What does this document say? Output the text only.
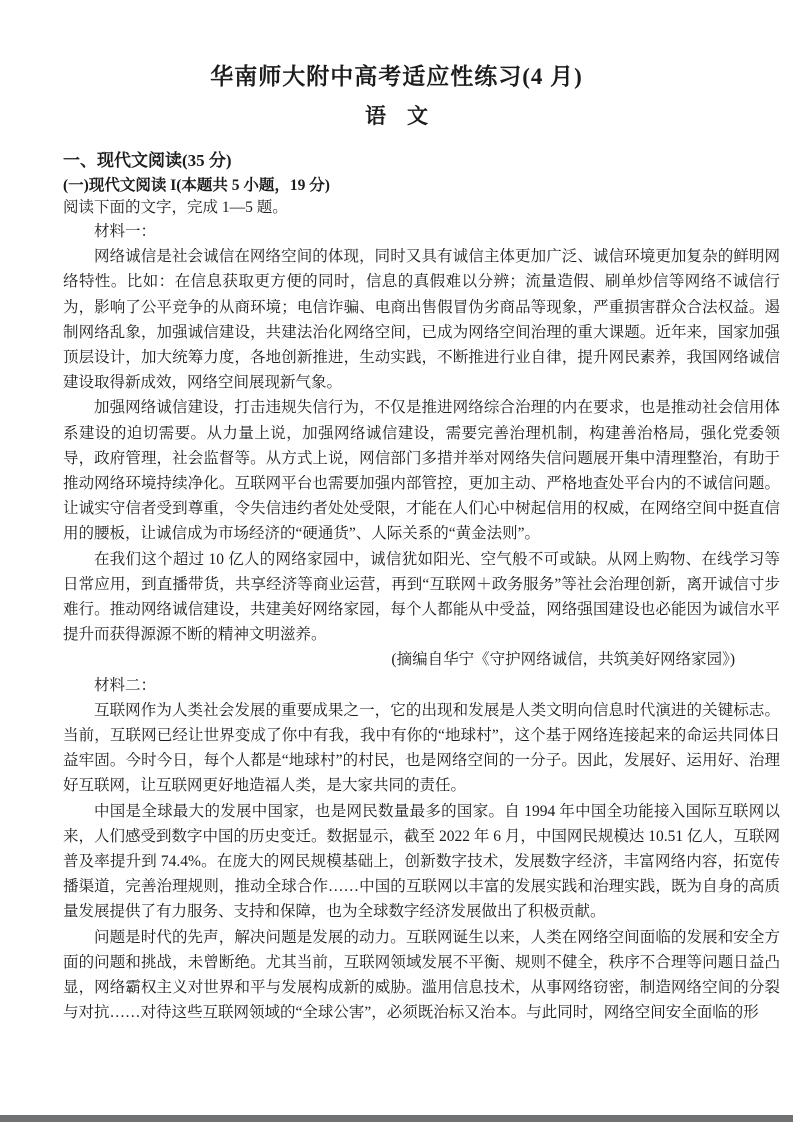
华南师大附中高考适应性练习(4 月)
语　文

一、现代文阅读(35 分)

(一)现代文阅读 I(本题共 5 小题，19 分)

阅读下面的文字，完成 1—5 题。

材料一：

网络诚信是社会诚信在网络空间的体现，同时又具有诚信主体更加广泛、诚信环境更加复杂的鲜明网络特性。比如：在信息获取更方便的同时，信息的真假难以分辨；流量造假、刷单炒信等网络不诚信行为，影响了公平竞争的从商环境；电信诈骗、电商出售假冒伪劣商品等现象，严重损害群众合法权益。遏制网络乱象，加强诚信建设，共建法治化网络空间，已成为网络空间治理的重大课题。近年来，国家加强顶层设计，加大统筹力度，各地创新推进，生动实践，不断推进行业自律，提升网民素养，我国网络诚信建设取得新成效，网络空间展现新气象。

加强网络诚信建设，打击违规失信行为，不仅是推进网络综合治理的内在要求，也是推动社会信用体系建设的迫切需要。从力量上说，加强网络诚信建设，需要完善治理机制，构建善治格局，强化党委领导，政府管理，社会监督等。从方式上说，网信部门多措并举对网络失信问题展开集中清理整治，有助于推动网络环境持续净化。互联网平台也需要加强内部管控，更加主动、严格地查处平台内的不诚信问题。让诚实守信者受到尊重，令失信违约者处处受限，才能在人们心中树起信用的权威，在网络空间中挺直信用的腰板，让诚信成为市场经济的“硬通货”、人际关系的“黄金法则”。

在我们这个超过 10 亿人的网络家园中，诚信犹如阳光、空气般不可或缺。从网上购物、在线学习等日常应用，到直播带货，共享经济等商业运营，再到“互联网＋政务服务”等社会治理创新，离开诚信寸步难行。推动网络诚信建设，共建美好网络家园，每个人都能从中受益，网络强国建设也必能因为诚信水平提升而获得源源不断的精神文明滋养。

(摘编自华宁《守护网络诚信，共筑美好网络家园》)

材料二：

互联网作为人类社会发展的重要成果之一，它的出现和发展是人类文明向信息时代演进的关键标志。当前，互联网已经让世界变成了你中有我，我中有你的“地球村”，这个基于网络连接起来的命运共同体日益牢固。今时今日，每个人都是“地球村”的村民，也是网络空间的一分子。因此，发展好、运用好、治理好互联网，让互联网更好地造福人类，是大家共同的责任。

中国是全球最大的发展中国家，也是网民数量最多的国家。自 1994 年中国全功能接入国际互联网以来，人们感受到数字中国的历史变迁。数据显示，截至 2022 年 6 月，中国网民规模达 10.51 亿人，互联网普及率提升到 74.4%。在庞大的网民规模基础上，创新数字技术，发展数字经济，丰富网络内容，拓宽传播渠道，完善治理规则，推动全球合作……中国的互联网以丰富的发展实践和治理实践，既为自身的高质量发展提供了有力服务、支持和保障，也为全球数字经济发展做出了积极贡献。

问题是时代的先声，解决问题是发展的动力。互联网诞生以来，人类在网络空间面临的发展和安全方面的问题和挑战，未曾断绝。尤其当前，互联网领域发展不平衡、规则不健全，秩序不合理等问题日益凸显，网络霸权主义对世界和平与发展构成新的威胁。滥用信息技术，从事网络窃密，制造网络空间的分裂与对抗……对待这些互联网领域的“全球公害”，必须既治标又治本。与此同时，网络空间安全面临的形
